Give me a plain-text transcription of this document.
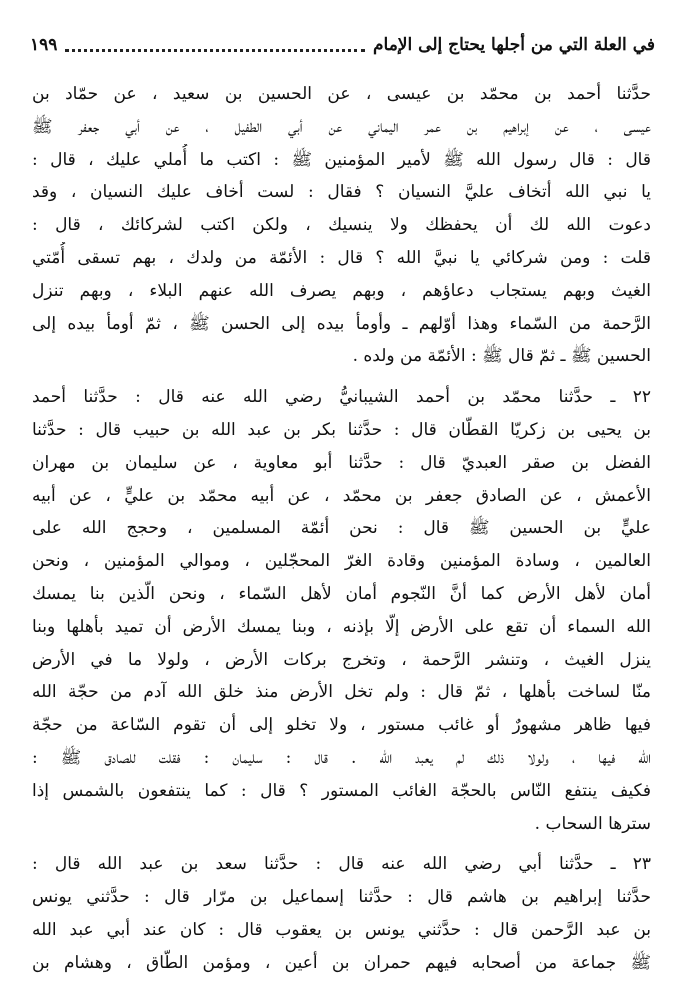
في العلة التي من أجلها يحتاج إلى الإمام
١٩٩
حدَّثنا أحمد بن محمّد بن عيسى ، عن الحسين بن سعيد ، عن حمّاد بن
عيسى ، عن إبراهيم بن عمر اليماني عن أبي الطفيل ، عن أبي جعفر ﷺ
قال : قال رسول الله ﷺ لأمير المؤمنين ﷺ : اكتب ما أُملي عليك ، قال :
يا نبي الله أتخاف عليَّ النسيان ؟ فقال : لست أخاف عليك النسيان ، وقد
دعوت الله لك أن يحفظك ولا ينسيك ، ولكن اكتب لشركائك ، قال :
قلت : ومن شركائي يا نبيَّ الله ؟ قال : الأئمّة من ولدك ، بهم تسقى أُمّتي
الغيث وبهم يستجاب دعاؤهم ، وبهم يصرف الله عنهم البلاء ، وبهم تنزل
الرَّحمة من السّماء وهذا أوّلهم ـ وأومأ بيده إلى الحسن ﷺ ، ثمّ أومأ بيده إلى
الحسين ﷺ ـ ثمّ قال ﷺ : الأئمّة من ولده .
٢٢ ـ حدَّثنا محمّد بن أحمد الشيبانيُّ رضي الله عنه قال : حدَّثنا أحمد
بن يحيى بن زكريّا القطّان قال : حدَّثنا بكر بن عبد الله بن حبيب قال : حدَّثنا
الفضل بن صقر العبديّ قال : حدَّثنا أبو معاوية ، عن سليمان بن مهران
الأعمش ، عن الصادق جعفر بن محمّد ، عن أبيه محمّد بن عليٍّ ، عن أبيه
عليٍّ بن الحسين ﷺ قال : نحن أئمّة المسلمين ، وحجج الله على
العالمين ، وسادة المؤمنين وقادة الغرّ المحجّلين ، وموالي المؤمنين ، ونحن
أمان لأهل الأرض كما أنَّ النّجوم أمان لأهل السّماء ، ونحن الّذين بنا يمسك
الله السماء أن تقع على الأرض إلّا بإذنه ، وبنا يمسك الأرض أن تميد بأهلها وبنا
ينزل الغيث ، وتنشر الرَّحمة ، وتخرج بركات الأرض ، ولولا ما في الأرض
منّا لساخت بأهلها ، ثمّ قال : ولم تخل الأرض منذ خلق الله آدم من حجّة الله
فيها ظاهر مشهورٌ أو غائب مستور ، ولا تخلو إلى أن تقوم السّاعة من حجّة
الله فيها ، ولولا ذلك لم يعبد الله . قال : سليمان : فقلت للصادق ﷺ :
فكيف ينتفع النّاس بالحجّة الغائب المستور ؟ قال : كما ينتفعون بالشمس إذا
سترها السحاب .
٢٣ ـ حدَّثنا أبي رضي الله عنه قال : حدَّثنا سعد بن عبد الله قال :
حدَّثنا إبراهيم بن هاشم قال : حدَّثنا إسماعيل بن مرّار قال : حدَّثني يونس
بن عبد الرَّحمن قال : حدَّثني يونس بن يعقوب قال : كان عند أبي عبد الله
ﷺ جماعة من أصحابه فيهم حمران بن أعين ، ومؤمن الطّاق ، وهشام بن
